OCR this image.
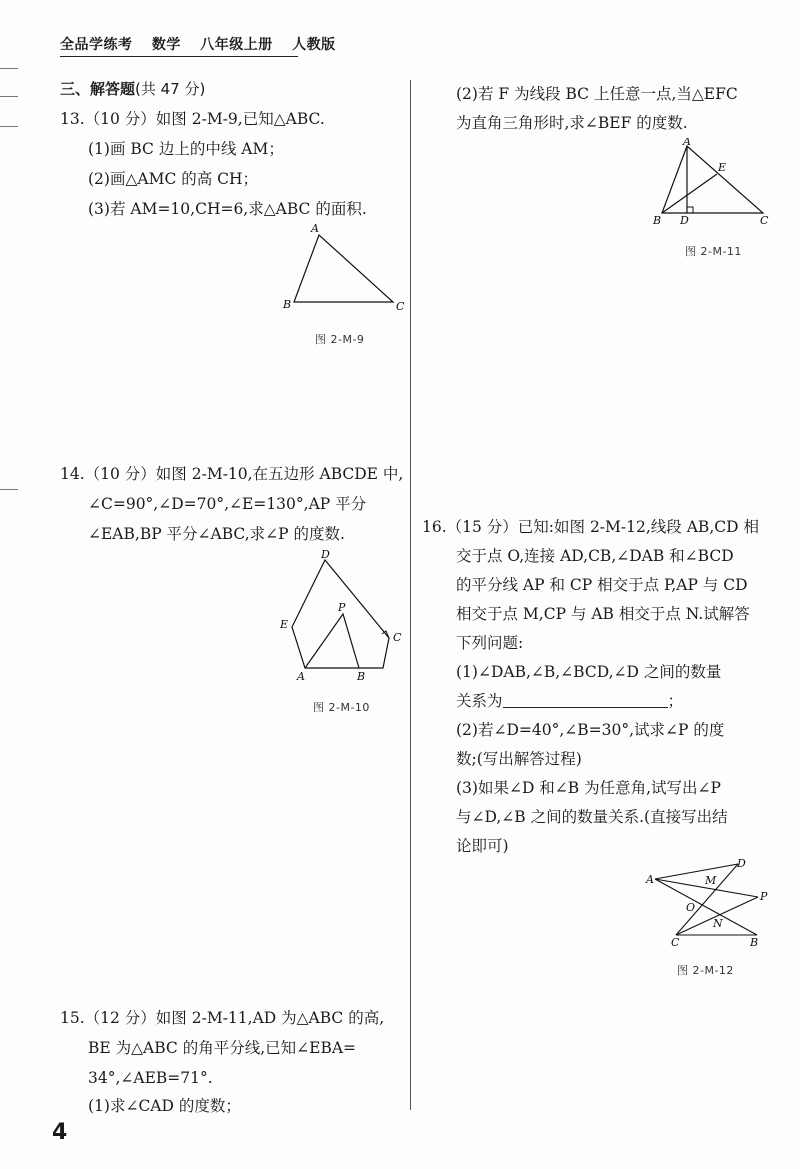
全品学练考 数学 八年级上册 人教版
三、解答题(共 47 分)
13.（10 分）如图 2-M-9,已知△ABC.
(1)画 BC 边上的中线 AM；
(2)画△AMC 的高 CH；
(3)若 AM=10,CH=6,求△ABC 的面积.
A
B	C
图 2-M-9
14.（10 分）如图 2-M-10,在五边形 ABCDE 中,
∠C=90°,∠D=70°,∠E=130°,AP 平分
∠EAB,BP 平分∠ABC,求∠P 的度数.
D
P
E
C
A	B
图 2-M-10
15.（12 分）如图 2-M-11,AD 为△ABC 的高,
BE 为△ABC 的角平分线,已知∠EBA=
34°,∠AEB=71°.
(1)求∠CAD 的度数；
(2)若 F 为线段 BC 上任意一点,当△EFC
为直角三角形时,求∠BEF 的度数.
A
E
B D	C
图 2-M-11
16.（15 分）已知:如图 2-M-12,线段 AB,CD 相
交于点 O,连接 AD,CB,∠DAB 和∠BCD
的平分线 AP 和 CP 相交于点 P,AP 与 CD
相交于点 M,CP 与 AB 相交于点 N.试解答
下列问题:
(1)∠DAB,∠B,∠BCD,∠D 之间的数量
关系为	；
(2)若∠D=40°,∠B=30°,试求∠P 的度
数;(写出解答过程)
(3)如果∠D 和∠B 为任意角,试写出∠P
与∠D,∠B 之间的数量关系.(直接写出结
论即可)
D
A	M
P
O
N
C	B
图 2-M-12
4
